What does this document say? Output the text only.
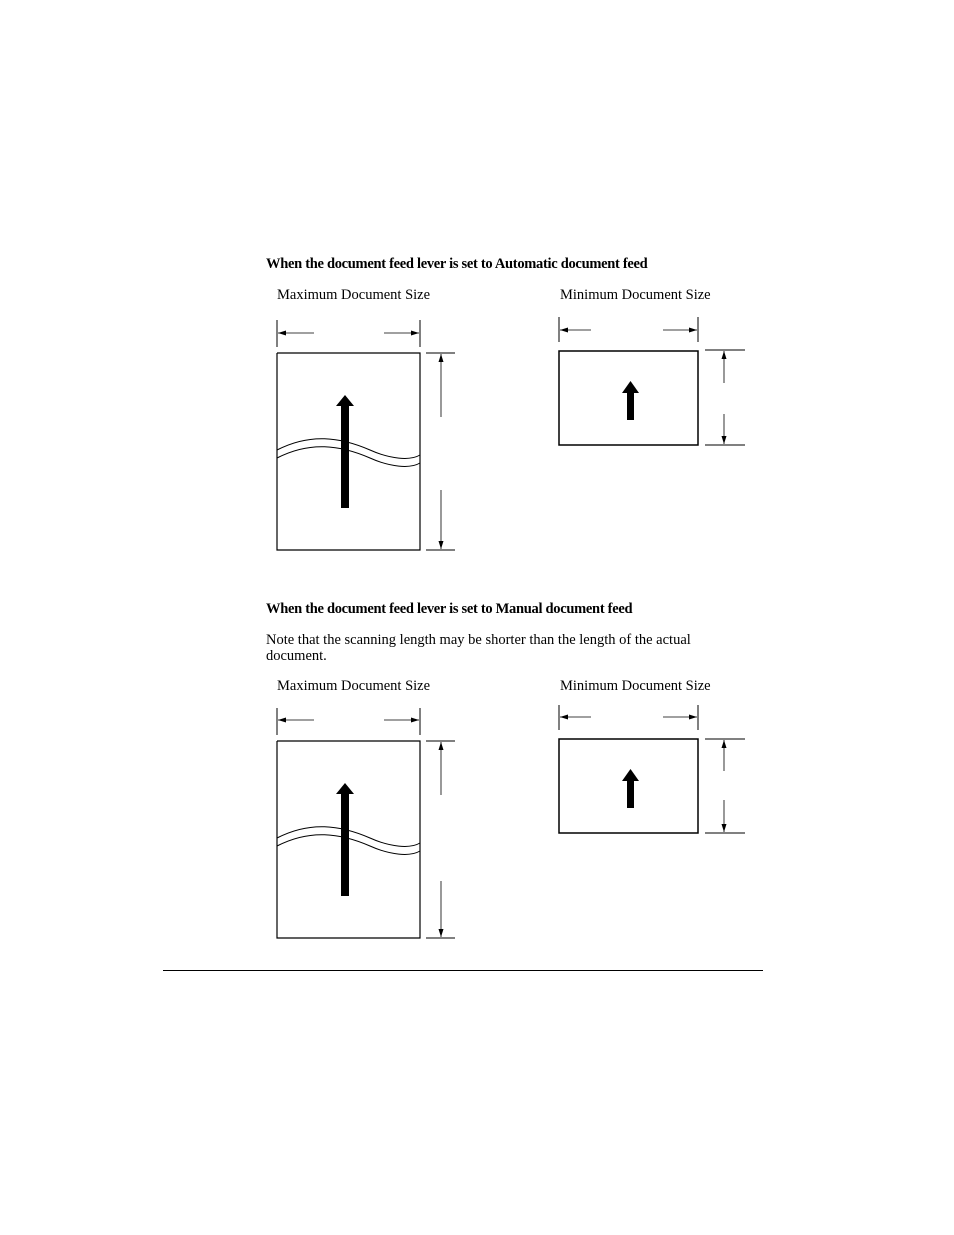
When the document feed lever is set to Automatic document feed
Maximum Document Size	Minimum Document Size
When the document feed lever is set to Manual document feed
Note that the scanning length may be shorter than the length of the actual document.
Maximum Document Size	Minimum Document Size
